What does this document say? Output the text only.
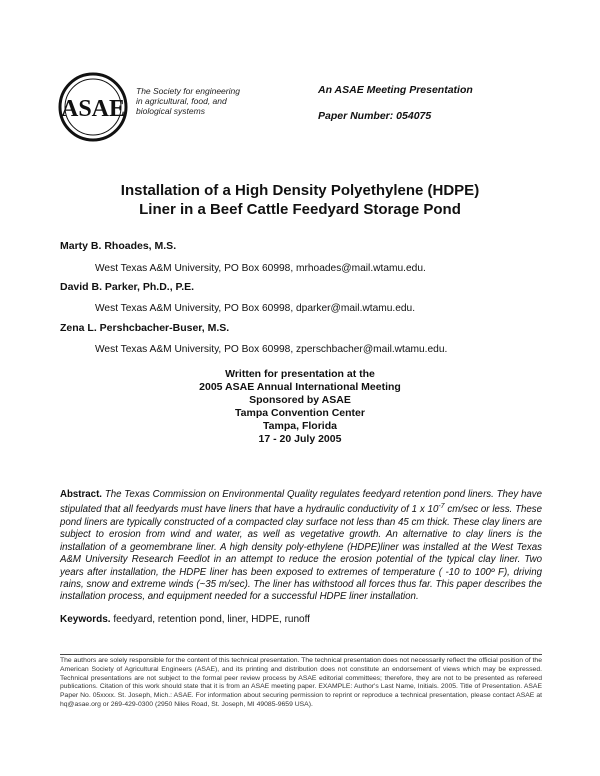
ASAE
The Society for engineering
in agricultural, food, and
biological systems
An ASAE Meeting Presentation
Paper Number: 054075
Installation of a High Density Polyethylene (HDPE)
Liner in a Beef Cattle Feedyard Storage Pond
Marty B. Rhoades, M.S.
West Texas A&M University, PO Box 60998, mrhoades@mail.wtamu.edu.
David B. Parker, Ph.D., P.E.
West Texas A&M University, PO Box 60998, dparker@mail.wtamu.edu.
Zena L. Pershcbacher-Buser, M.S.
West Texas A&M University, PO Box 60998, zperschbacher@mail.wtamu.edu.
Written for presentation at the
2005 ASAE Annual International Meeting
Sponsored by ASAE
Tampa Convention Center
Tampa, Florida
17 - 20 July 2005
Abstract. The Texas Commission on Environmental Quality regulates feedyard retention pond liners. They have stipulated that all feedyards must have liners that have a hydraulic conductivity of 1 x $10^{-7}$ cm/sec or less. These pond liners are typically constructed of a compacted clay surface not less than 45 cm thick. These clay liners are subject to erosion from wind and water, as well as vegetative growth. An alternative to clay liners is the installation of a geomembrane liner. A high density poly-ethylene (HDPE)liner was installed at the West Texas A&M University Research Feedlot in an attempt to reduce the erosion potential of the typical clay liner. Two years after installation, the HDPE liner has been exposed to extremes of temperature ( -10 to 100º F), driving rains, snow and extreme winds (~35 m/sec). The liner has withstood all forces thus far. This paper describes the installation process, and equipment needed for a successful HDPE liner installation.
Keywords. feedyard, retention pond, liner, HDPE, runoff
The authors are solely responsible for the content of this technical presentation. The technical presentation does not necessarily reflect the official position of the American Society of Agricultural Engineers (ASAE), and its printing and distribution does not constitute an endorsement of views which may be expressed. Technical presentations are not subject to the formal peer review process by ASAE editorial committees; therefore, they are not to be presented as refereed publications. Citation of this work should state that it is from an ASAE meeting paper. EXAMPLE: Author's Last Name, Initials. 2005. Title of Presentation. ASAE Paper No. 05xxxx. St. Joseph, Mich.: ASAE. For information about securing permission to reprint or reproduce a technical presentation, please contact ASAE at hq@asae.org or 269-429-0300 (2950 Niles Road, St. Joseph, MI 49085-9659 USA).
